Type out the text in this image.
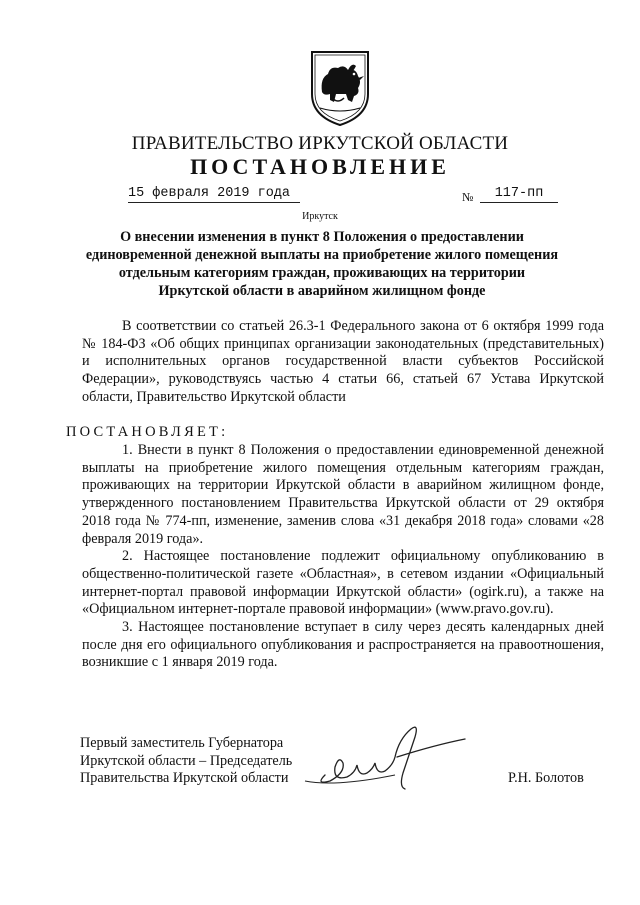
ПРАВИТЕЛЬСТВО ИРКУТСКОЙ ОБЛАСТИ
ПОСТАНОВЛЕНИЕ
15 февраля 2019 года	№	117-пп
Иркутск
О внесении изменения в пункт 8 Положения о предоставлении единовременной денежной выплаты на приобретение жилого помещения отдельным категориям граждан, проживающих на территории Иркутской области в аварийном жилищном фонде

В соответствии со статьей 26.3-1 Федерального закона от 6 октября 1999 года № 184-ФЗ «Об общих принципах организации законодательных (представительных) и исполнительных органов государственной власти субъектов Российской Федерации», руководствуясь частью 4 статьи 66, статьей 67 Устава Иркутской области, Правительство Иркутской области

ПОСТАНОВЛЯЕТ:

1. Внести в пункт 8 Положения о предоставлении единовременной денежной выплаты на приобретение жилого помещения отдельным категориям граждан, проживающих на территории Иркутской области в аварийном жилищном фонде, утвержденного постановлением Правительства Иркутской области от 29 октября 2018 года № 774-пп, изменение, заменив слова «31 декабря 2018 года» словами «28 февраля 2019 года».

2. Настоящее постановление подлежит официальному опубликованию в общественно-политической газете «Областная», в сетевом издании «Официальный интернет-портал правовой информации Иркутской области» (ogirk.ru), а также на «Официальном интернет-портале правовой информации» (www.pravo.gov.ru).

3. Настоящее постановление вступает в силу через десять календарных дней после дня его официального опубликования и распространяется на правоотношения, возникшие с 1 января 2019 года.

Первый заместитель Губернатора
Иркутской области – Председатель
Правительства Иркутской области	Р.Н. Болотов
